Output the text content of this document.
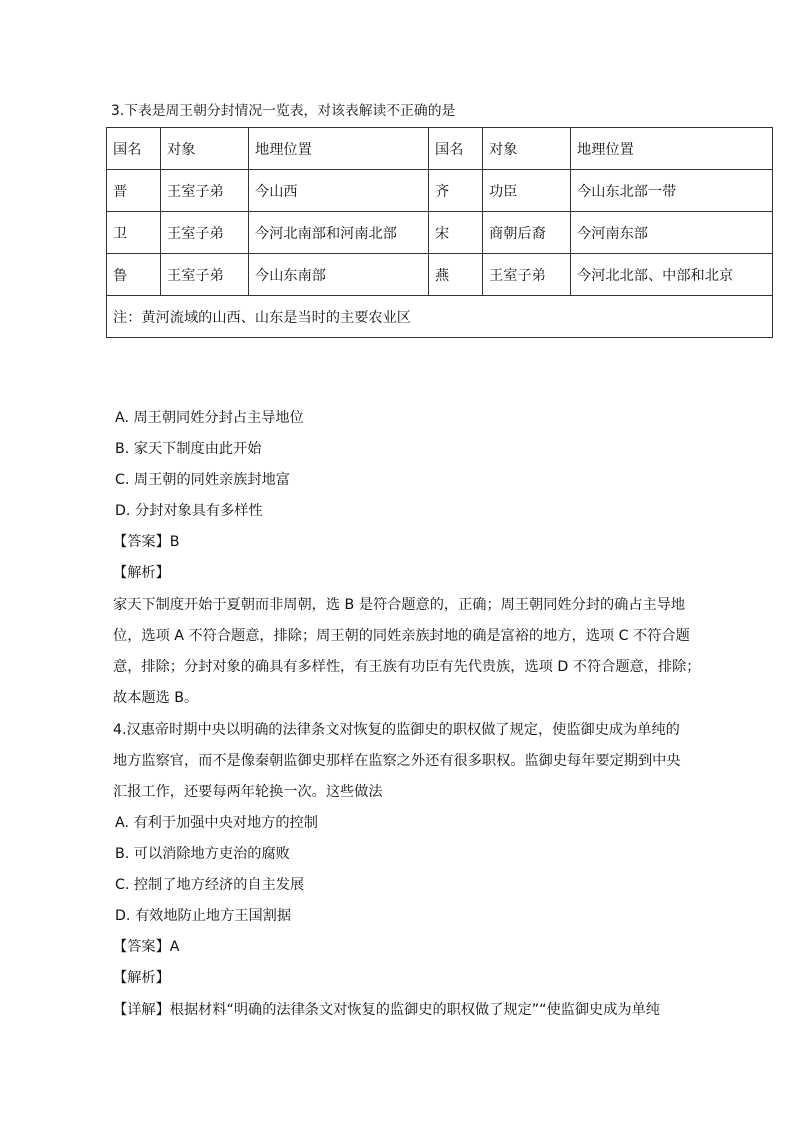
3.下表是周王朝分封情况一览表，对该表解读不正确的是
国名	对象	地理位置	国名	对象	地理位置
晋	王室子弟	今山西	齐	功臣	今山东北部一带
卫	王室子弟	今河北南部和河南北部	宋	商朝后裔	今河南东部
鲁	王室子弟	今山东南部	燕	王室子弟	今河北北部、中部和北京
注：黄河流域的山西、山东是当时的主要农业区					
A. 周王朝同姓分封占主导地位
B. 家天下制度由此开始
C. 周王朝的同姓亲族封地富
D. 分封对象具有多样性
【答案】B
【解析】
家天下制度开始于夏朝而非周朝，选 B 是符合题意的，正确；周王朝同姓分封的确占主导地
位，选项 A 不符合题意，排除；周王朝的同姓亲族封地的确是富裕的地方，选项 C 不符合题
意，排除；分封对象的确具有多样性，有王族有功臣有先代贵族，选项 D 不符合题意，排除；
故本题选 B。
4.汉惠帝时期中央以明确的法律条文对恢复的监御史的职权做了规定，使监御史成为单纯的
地方监察官，而不是像秦朝监御史那样在监察之外还有很多职权。监御史每年要定期到中央
汇报工作，还要每两年轮换一次。这些做法
A. 有利于加强中央对地方的控制
B. 可以消除地方吏治的腐败
C. 控制了地方经济的自主发展
D. 有效地防止地方王国割据
【答案】A
【解析】
【详解】根据材料“明确的法律条文对恢复的监御史的职权做了规定”“使监御史成为单纯
